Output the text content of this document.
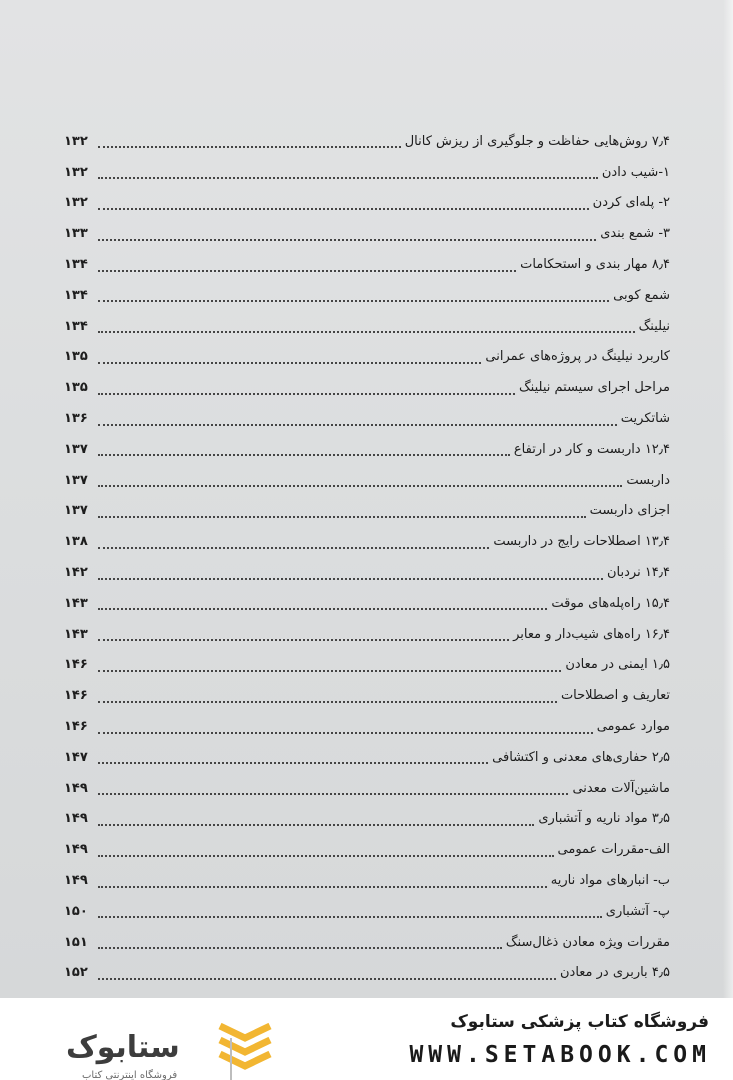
۷٫۴ روش‌هایی حفاظت و جلوگیری از ریزش کانال
۱۳۲
۱-شیب دادن
۱۳۲
۲- پله‌ای کردن
۱۳۲
۳- شمع بندی
۱۳۳
۸٫۴ مهار بندی و استحکامات
۱۳۴
شمع کوبی
۱۳۴
نیلینگ
۱۳۴
کاربرد نیلینگ در پروژه‌های عمرانی
۱۳۵
مراحل اجرای سیستم نیلینگ
۱۳۵
شاتکریت
۱۳۶
۱۲٫۴ داربست و کار در ارتفاع
۱۳۷
داربست
۱۳۷
اجزای داربست
۱۳۷
۱۳٫۴ اصطلاحات رایج در داربست
۱۳۸
۱۴٫۴ نردبان
۱۴۲
۱۵٫۴ راه‌پله‌های موقت
۱۴۳
۱۶٫۴ راه‌های شیب‌دار و معابر
۱۴۳
۱٫۵ ایمنی در معادن
۱۴۶
تعاریف و اصطلاحات
۱۴۶
موارد عمومی
۱۴۶
۲٫۵ حفاری‌های معدنی و اکتشافی
۱۴۷
ماشین‌آلات معدنی
۱۴۹
۳٫۵ مواد ناریه و آتشباری
۱۴۹
الف-مقررات عمومی
۱۴۹
ب- انبارهای مواد ناریه
۱۴۹
پ- آتشباری
۱۵۰
مقررات ویژه معادن ذغال‌سنگ
۱۵۱
۴٫۵ باربری در معادن
۱۵۲
ستابوک
فروشگاه اینترنتی کتاب
فروشگاه کتاب پزشکی ستابوک
WWW.SETABOOK.COM
